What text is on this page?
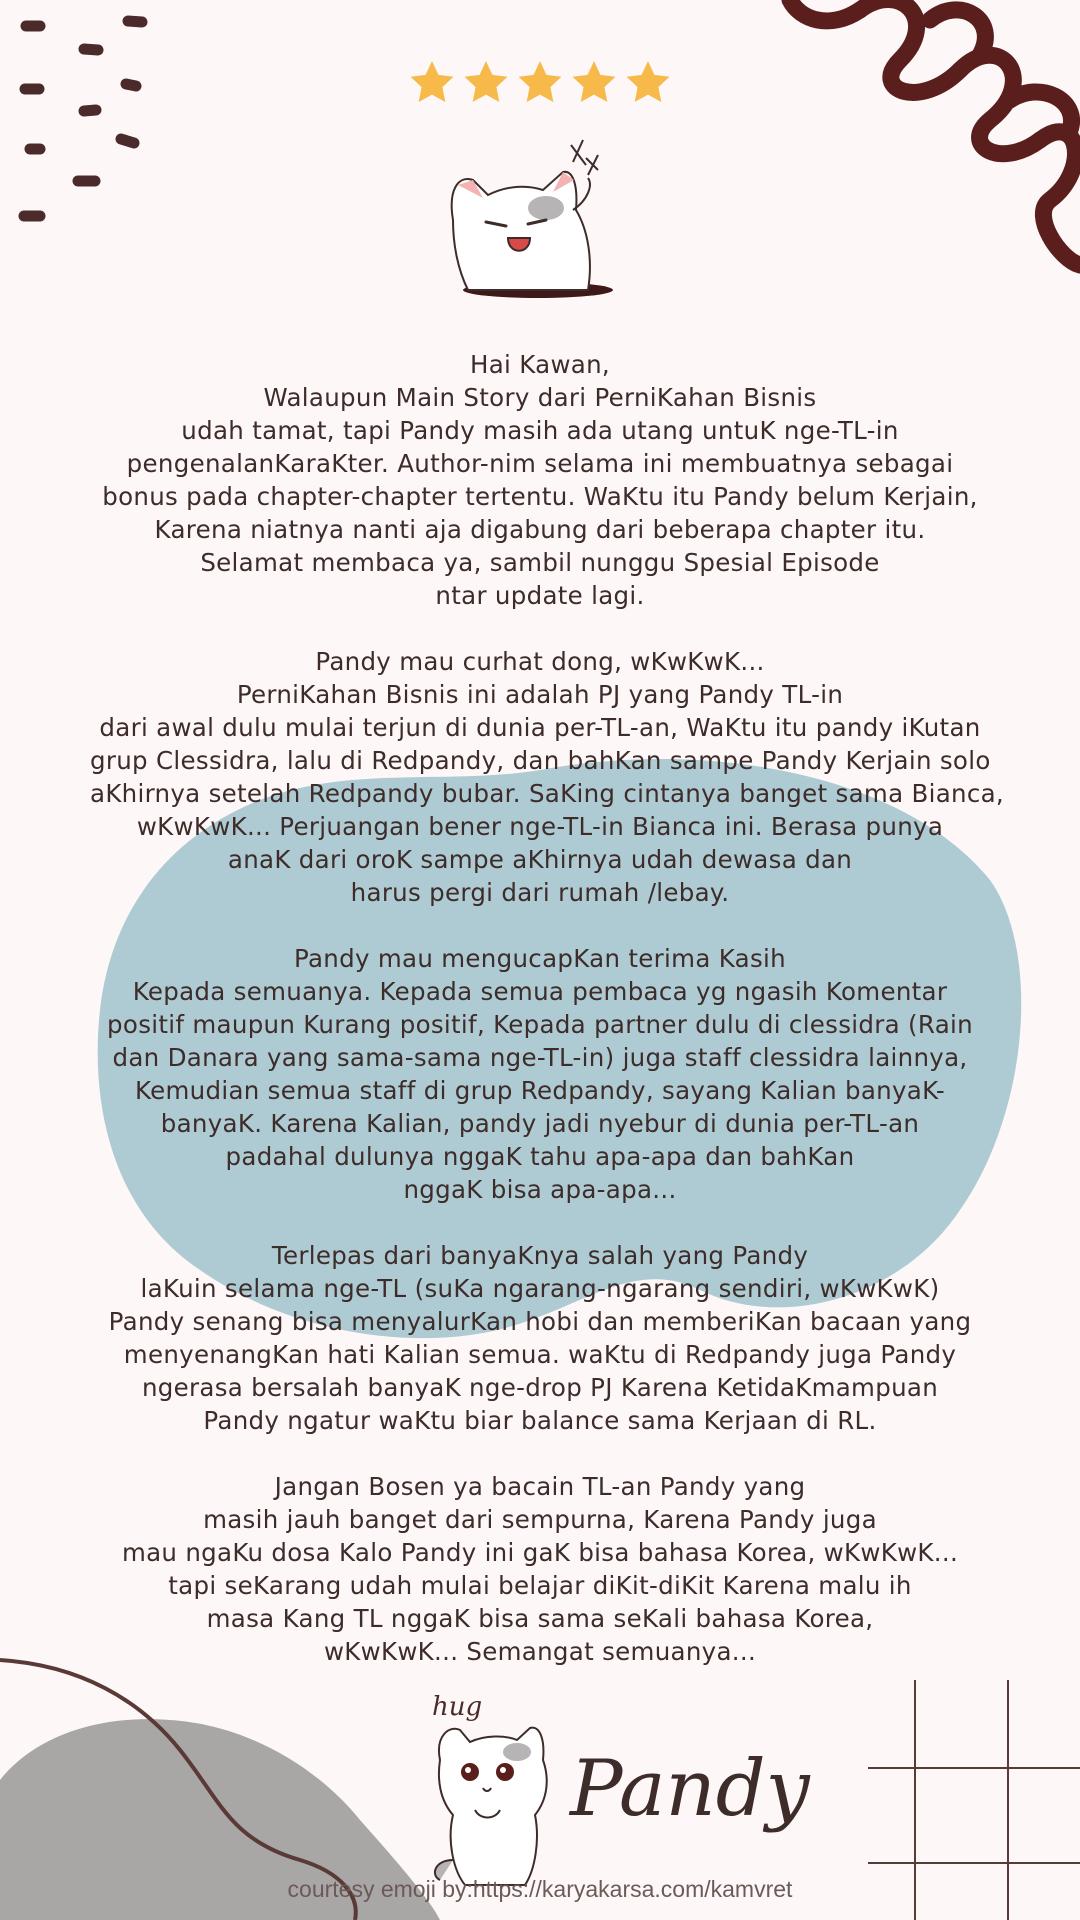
Hai Kawan,
Walaupun Main Story dari PerniKahan Bisnis
udah tamat, tapi Pandy masih ada utang untuK nge-TL-in
pengenalanKaraKter. Author-nim selama ini membuatnya sebagai
bonus pada chapter-chapter tertentu. WaKtu itu Pandy belum Kerjain,
Karena niatnya nanti aja digabung dari beberapa chapter itu.
Selamat membaca ya, sambil nunggu Spesial Episode
ntar update lagi.
Pandy mau curhat dong, wKwKwK...
PerniKahan Bisnis ini adalah PJ yang Pandy TL-in
dari awal dulu mulai terjun di dunia per-TL-an, WaKtu itu pandy iKutan
grup Clessidra, lalu di Redpandy, dan bahKan sampe Pandy Kerjain solo
aKhirnya setelah Redpandy bubar. SaKing cintanya banget sama Bianca,
wKwKwK... Perjuangan bener nge-TL-in Bianca ini. Berasa punya
anaK dari oroK sampe aKhirnya udah dewasa dan
harus pergi dari rumah /lebay.
Pandy mau mengucapKan terima Kasih
Kepada semuanya. Kepada semua pembaca yg ngasih Komentar
positif maupun Kurang positif, Kepada partner dulu di clessidra (Rain
dan Danara yang sama-sama nge-TL-in) juga staff clessidra lainnya,
Kemudian semua staff di grup Redpandy, sayang Kalian banyaK-
banyaK. Karena Kalian, pandy jadi nyebur di dunia per-TL-an
padahal dulunya nggaK tahu apa-apa dan bahKan
nggaK bisa apa-apa...
Terlepas dari banyaKnya salah yang Pandy
laKuin selama nge-TL (suKa ngarang-ngarang sendiri, wKwKwK)
Pandy senang bisa menyalurKan hobi dan memberiKan bacaan yang
menyenangKan hati Kalian semua. waKtu di Redpandy juga Pandy
ngerasa bersalah banyaK nge-drop PJ Karena KetidaKmampuan
Pandy ngatur waKtu biar balance sama Kerjaan di RL.
Jangan Bosen ya bacain TL-an Pandy yang
masih jauh banget dari sempurna, Karena Pandy juga
mau ngaKu dosa Kalo Pandy ini gaK bisa bahasa Korea, wKwKwK...
tapi seKarang udah mulai belajar diKit-diKit Karena malu ih
masa Kang TL nggaK bisa sama seKali bahasa Korea,
wKwKwK... Semangat semuanya...
hug
Pandy
courtesy emoji by:https://karyakarsa.com/kamvret
